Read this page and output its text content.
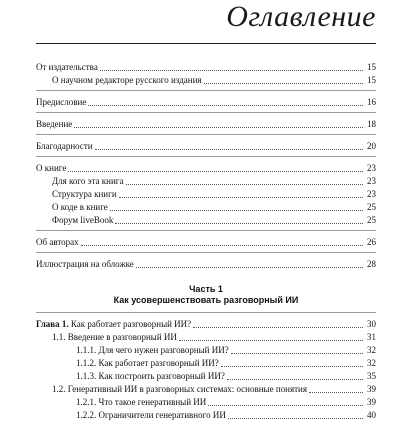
Оглавление
От издательства	15
О научном редакторе русского издания	15
Предисловие	16
Введение	18
Благодарности	20
О книге	23
Для кого эта книга	23
Структура книги	23
О коде в книге	25
Форум liveBook	25
Об авторах	26
Иллюстрация на обложке	28
Часть 1
Как усовершенствовать разговорный ИИ
Глава 1. Как работает разговорный ИИ?	30
1.1. Введение в разговорный ИИ	31
1.1.1. Для чего нужен разговорный ИИ?	32
1.1.2. Как работает разговорный ИИ?	32
1.1.3. Как построить разговорный ИИ?	35
1.2. Генеративный ИИ в разговорных системах: основные понятия	39
1.2.1. Что такое генеративный ИИ	39
1.2.2. Ограничители генеративного ИИ	40
